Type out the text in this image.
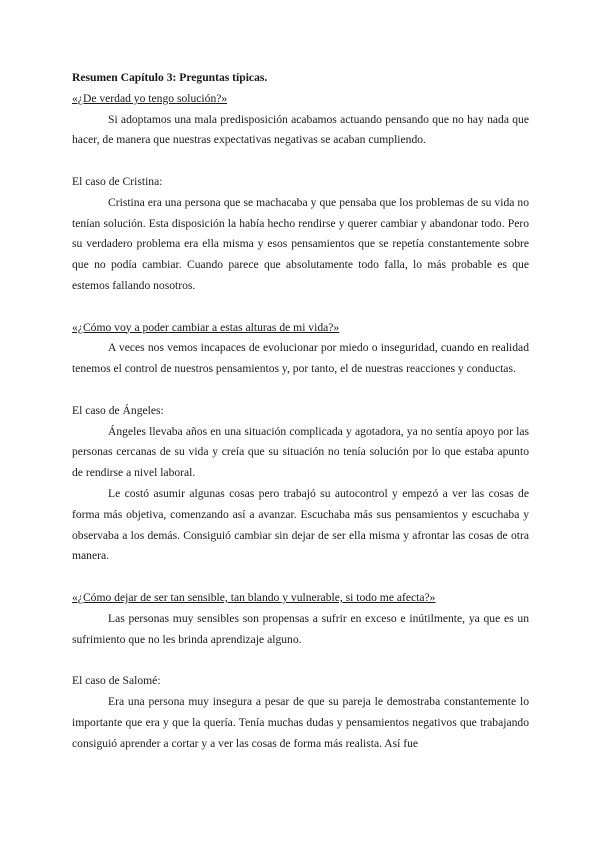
Resumen Capítulo 3: Preguntas típicas.

«¿De verdad yo tengo solución?»

Si adoptamos una mala predisposición acabamos actuando pensando que no hay nada que hacer, de manera que nuestras expectativas negativas se acaban cumpliendo.

El caso de Cristina:

Cristina era una persona que se machacaba y que pensaba que los problemas de su vida no tenían solución. Esta disposición la había hecho rendirse y querer cambiar y abandonar todo. Pero su verdadero problema era ella misma y esos pensamientos que se repetía constantemente sobre que no podía cambiar. Cuando parece que absolutamente todo falla, lo más probable es que estemos fallando nosotros.

«¿Cómo voy a poder cambiar a estas alturas de mi vida?»

A veces nos vemos incapaces de evolucionar por miedo o inseguridad, cuando en realidad tenemos el control de nuestros pensamientos y, por tanto, el de nuestras reacciones y conductas.

El caso de Ángeles:

Ángeles llevaba años en una situación complicada y agotadora, ya no sentía apoyo por las personas cercanas de su vida y creía que su situación no tenía solución por lo que estaba apunto de rendirse a nivel laboral.

Le costó asumir algunas cosas pero trabajó su autocontrol y empezó a ver las cosas de forma más objetiva, comenzando así a avanzar. Escuchaba más sus pensamientos y escuchaba y observaba a los demás. Consiguió cambiar sin dejar de ser ella misma y afrontar las cosas de otra manera.

«¿Cómo dejar de ser tan sensible, tan blando y vulnerable, si todo me afecta?»

Las personas muy sensibles son propensas a sufrir en exceso e inútilmente, ya que es un sufrimiento que no les brinda aprendizaje alguno.

El caso de Salomé:

Era una persona muy insegura a pesar de que su pareja le demostraba constantemente lo importante que era y que la quería. Tenía muchas dudas y pensamientos negativos que trabajando consiguió aprender a cortar y a ver las cosas de forma más realista. Así fue
